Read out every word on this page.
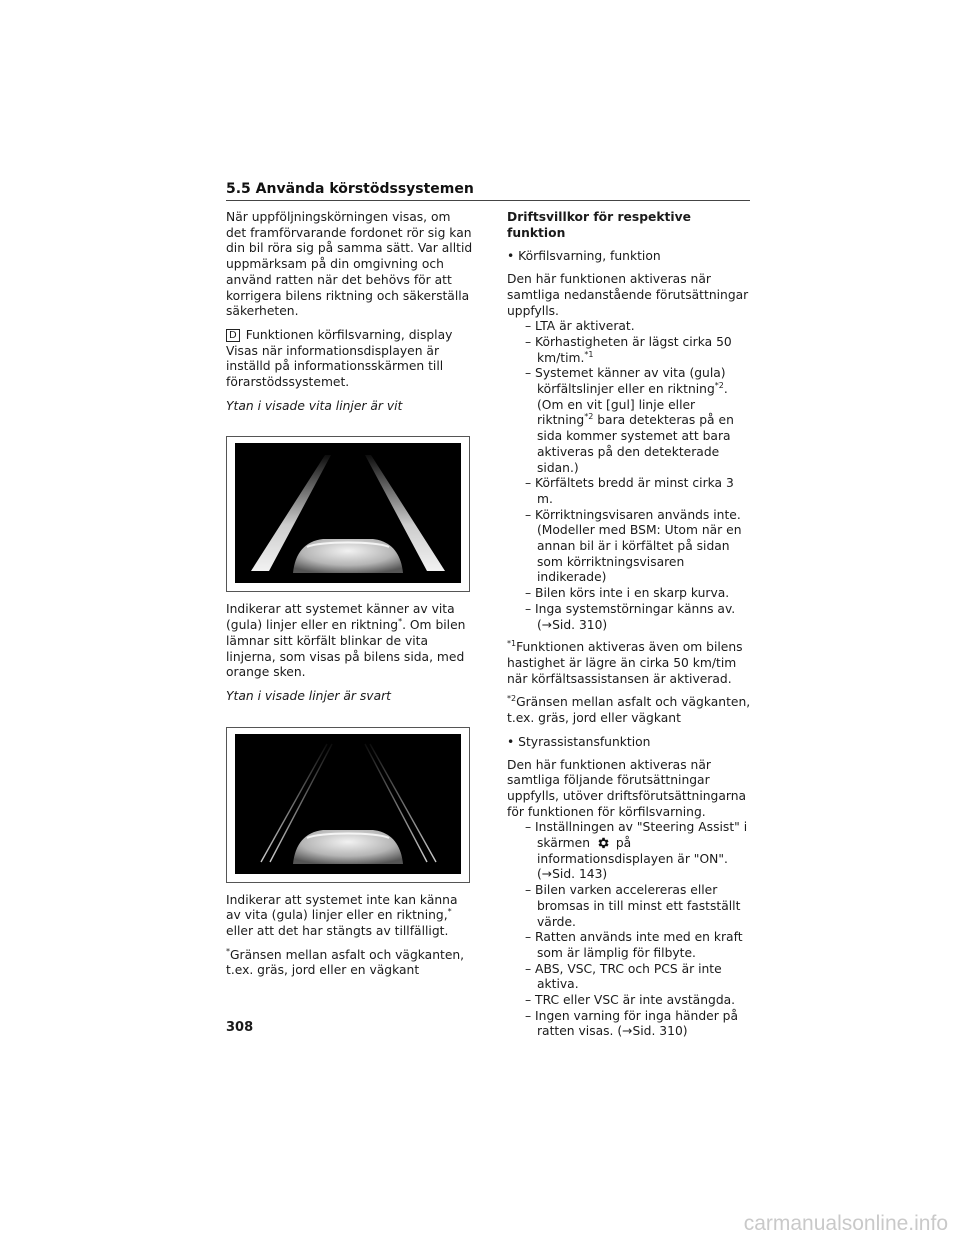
5.5 Använda körstödssystemen

När uppföljningskörningen visas, om det framförvarande fordonet rör sig kan din bil röra sig på samma sätt. Var alltid uppmärksam på din omgivning och använd ratten när det behövs för att korrigera bilens riktning och säkerställa säkerheten.

D Funktionen körfilsvarning, display
Visas när informationsdisplayen är inställd på informationsskärmen till förarstödssystemet.

Ytan i visade vita linjer är vit

Indikerar att systemet känner av vita (gula) linjer eller en riktning*. Om bilen lämnar sitt körfält blinkar de vita linjerna, som visas på bilens sida, med orange sken.

Ytan i visade linjer är svart

Indikerar att systemet inte kan känna av vita (gula) linjer eller en riktning,* eller att det har stängts av tillfälligt.

*Gränsen mellan asfalt och vägkanten, t.ex. gräs, jord eller en vägkant

Driftsvillkor för respektive funktion

• Körfilsvarning, funktion

Den här funktionen aktiveras när samtliga nedanstående förutsättningar uppfylls.

– LTA är aktiverat.

– Körhastigheten är lägst cirka 50 km/tim.$^{*1}$

– Systemet känner av vita (gula) körfältslinjer eller en riktning$^{*2}$. (Om en vit [gul] linje eller riktning$^{*2}$ bara detekteras på en sida kommer systemet att bara aktiveras på den detekterade sidan.)

– Körfältets bredd är minst cirka 3 m.

– Körriktningsvisaren används inte. (Modeller med BSM: Utom när en annan bil är i körfältet på sidan som körriktningsvisaren indikerade)

– Bilen körs inte i en skarp kurva.

– Inga systemstörningar känns av. (→Sid. 310)

$^{*1}$Funktionen aktiveras även om bilens hastighet är lägre än cirka 50 km/tim när körfältsassistansen är aktiverad.

$^{*2}$Gränsen mellan asfalt och vägkanten, t.ex. gräs, jord eller vägkant

• Styrassistansfunktion

Den här funktionen aktiveras när samtliga följande förutsättningar uppfylls, utöver driftsförutsättningarna för funktionen för körfilsvarning.

– Inställningen av "Steering Assist" i skärmen på informationsdisplayen är "ON". (→Sid. 143)

– Bilen varken accelereras eller bromsas in till minst ett fastställt värde.

– Ratten används inte med en kraft som är lämplig för filbyte.

– ABS, VSC, TRC och PCS är inte aktiva.

– TRC eller VSC är inte avstängda.

– Ingen varning för inga händer på ratten visas. (→Sid. 310)

308
carmanualsonline.info
